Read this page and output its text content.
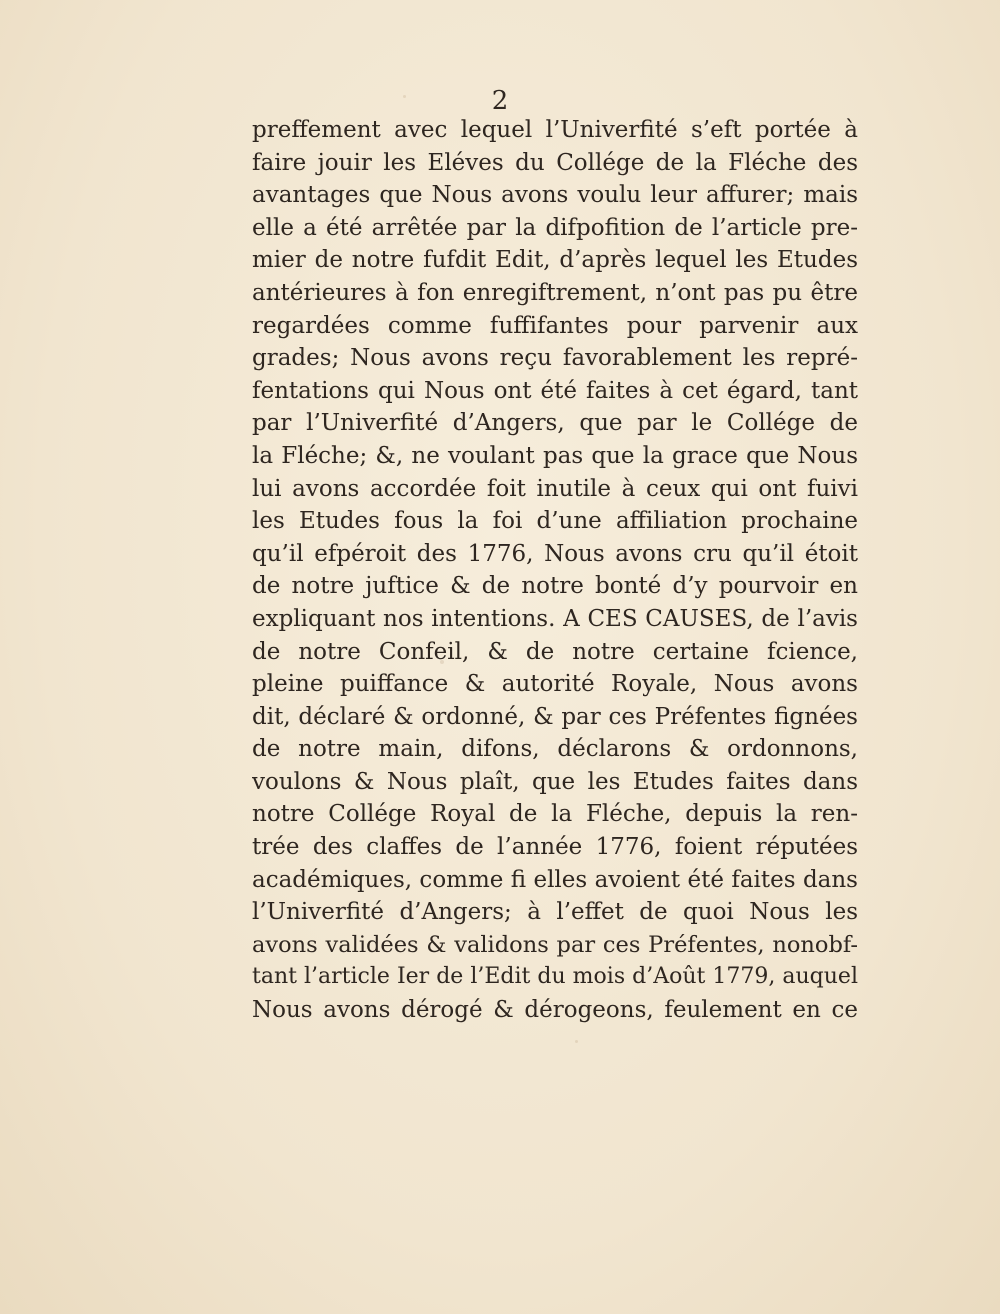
2
preffement avec lequel l’Univerfité s’eft portée à
faire jouir les Eléves du Collége de la Fléche des
avantages que Nous avons voulu leur affurer; mais
elle a été arrêtée par la difpofition de l’article pre-
mier de notre fufdit Edit, d’après lequel les Etudes
antérieures à fon enregiftrement, n’ont pas pu être
regardées comme fuffifantes pour parvenir aux
grades; Nous avons reçu favorablement les repré-
fentations qui Nous ont été faites à cet égard, tant
par l’Univerfité d’Angers, que par le Collége de
la Fléche; &, ne voulant pas que la grace que Nous
lui avons accordée foit inutile à ceux qui ont fuivi
les Etudes fous la foi d’une affiliation prochaine
qu’il efpéroit des 1776, Nous avons cru qu’il étoit
de notre juftice & de notre bonté d’y pourvoir en
expliquant nos intentions. A CES CAUSES, de l’avis
de notre Confeil, & de notre certaine fcience,
pleine puiffance & autorité Royale, Nous avons
dit, déclaré & ordonné, & par ces Préfentes fignées
de notre main, difons, déclarons & ordonnons,
voulons & Nous plaît, que les Etudes faites dans
notre Collége Royal de la Fléche, depuis la ren-
trée des claffes de l’année 1776, foient réputées
académiques, comme fi elles avoient été faites dans
l’Univerfité d’Angers; à l’effet de quoi Nous les
avons validées & validons par ces Préfentes, nonobf-
tant l’article Ier de l’Edit du mois d’Août 1779, auquel
Nous avons dérogé & dérogeons, feulement en ce
